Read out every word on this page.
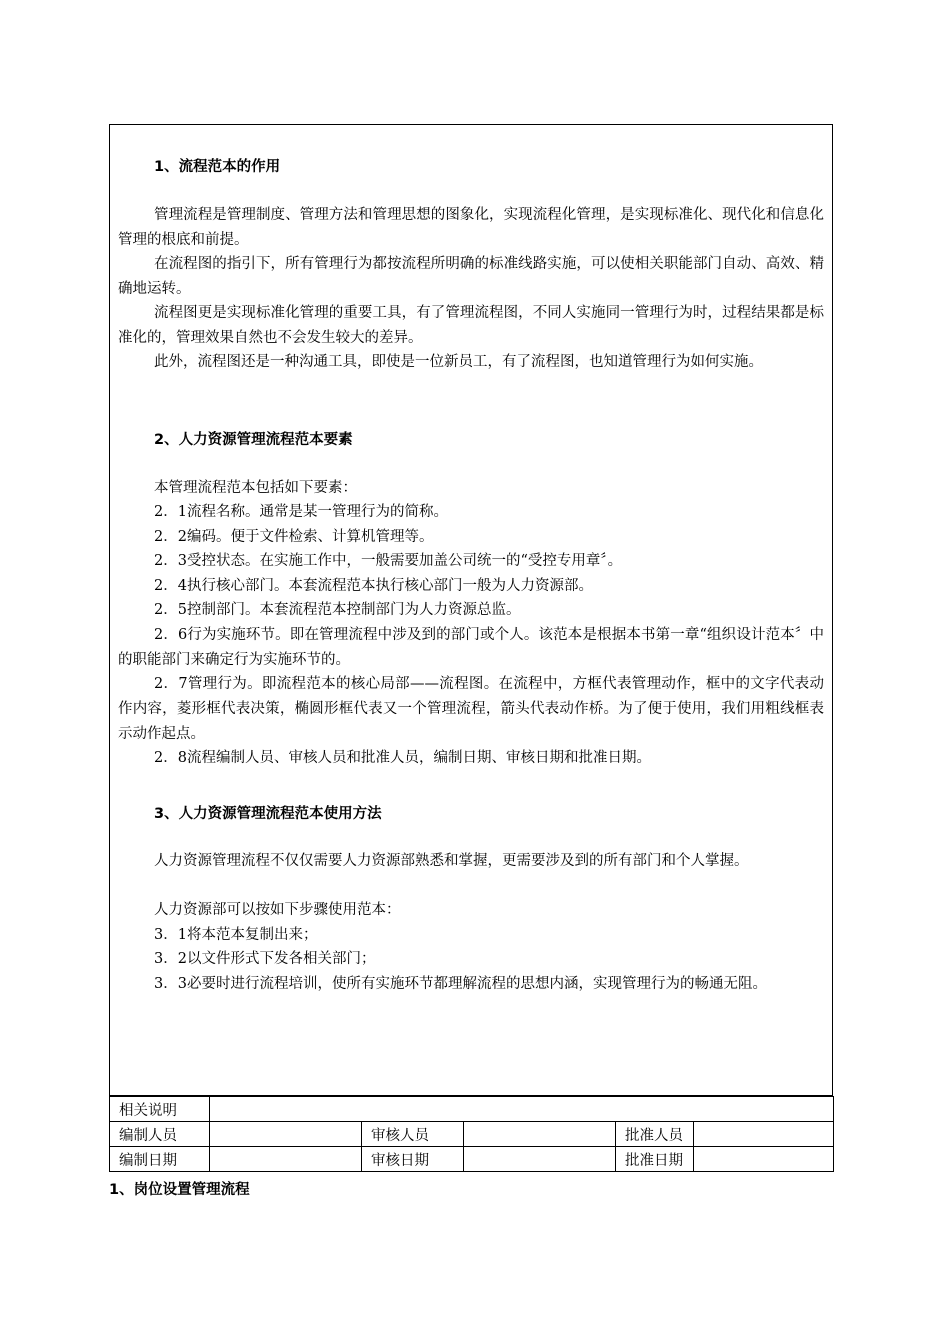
1、流程范本的作用
管理流程是管理制度、管理方法和管理思想的图象化，实现流程化管理，是实现标准化、现代化和信息化管理的根底和前提。
在流程图的指引下，所有管理行为都按流程所明确的标准线路实施，可以使相关职能部门自动、高效、精确地运转。
流程图更是实现标准化管理的重要工具，有了管理流程图，不同人实施同一管理行为时，过程结果都是标准化的，管理效果自然也不会发生较大的差异。
此外，流程图还是一种沟通工具，即使是一位新员工，有了流程图，也知道管理行为如何实施。
2、人力资源管理流程范本要素
本管理流程范本包括如下要素：
2．1流程名称。通常是某一管理行为的简称。
2．2编码。便于文件检索、计算机管理等。
2．3受控状态。在实施工作中，一般需要加盖公司统一的“受控专用章〞。
2．4执行核心部门。本套流程范本执行核心部门一般为人力资源部。
2．5控制部门。本套流程范本控制部门为人力资源总监。
2．6行为实施环节。即在管理流程中涉及到的部门或个人。该范本是根据本书第一章“组织设计范本〞中的职能部门来确定行为实施环节的。
2．7管理行为。即流程范本的核心局部——流程图。在流程中，方框代表管理动作，框中的文字代表动作内容，菱形框代表决策，椭圆形框代表又一个管理流程，箭头代表动作桥。为了便于使用，我们用粗线框表示动作起点。
2．8流程编制人员、审核人员和批准人员，编制日期、审核日期和批准日期。
3、人力资源管理流程范本使用方法
人力资源管理流程不仅仅需要人力资源部熟悉和掌握，更需要涉及到的所有部门和个人掌握。
人力资源部可以按如下步骤使用范本：
3．1将本范本复制出来；
3．2以文件形式下发各相关部门；
3．3必要时进行流程培训，使所有实施环节都理解流程的思想内涵，实现管理行为的畅通无阻。
相关说明					
编制人员		审核人员		批准人员	
编制日期		审核日期		批准日期	
1、岗位设置管理流程
